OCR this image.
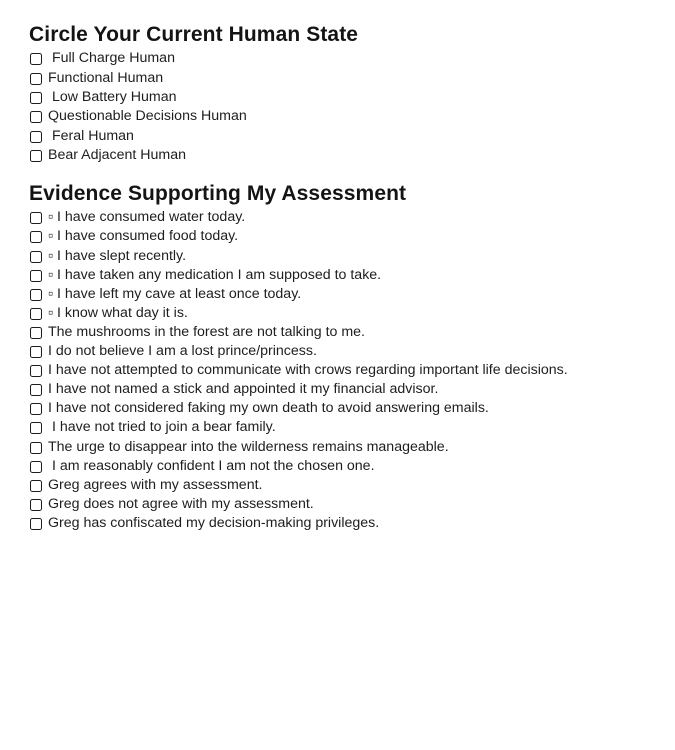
Circle Your Current Human State
Full Charge Human
Functional Human
Low Battery Human
Questionable Decisions Human
Feral Human
Bear Adjacent Human
Evidence Supporting My Assessment
▫ I have consumed water today.
▫ I have consumed food today.
▫ I have slept recently.
▫ I have taken any medication I am supposed to take.
▫ I have left my cave at least once today.
▫ I know what day it is.
The mushrooms in the forest are not talking to me.
I do not believe I am a lost prince/princess.
I have not attempted to communicate with crows regarding important life decisions.
I have not named a stick and appointed it my financial advisor.
I have not considered faking my own death to avoid answering emails.
I have not tried to join a bear family.
The urge to disappear into the wilderness remains manageable.
I am reasonably confident I am not the chosen one.
Greg agrees with my assessment.
Greg does not agree with my assessment.
Greg has confiscated my decision-making privileges.
